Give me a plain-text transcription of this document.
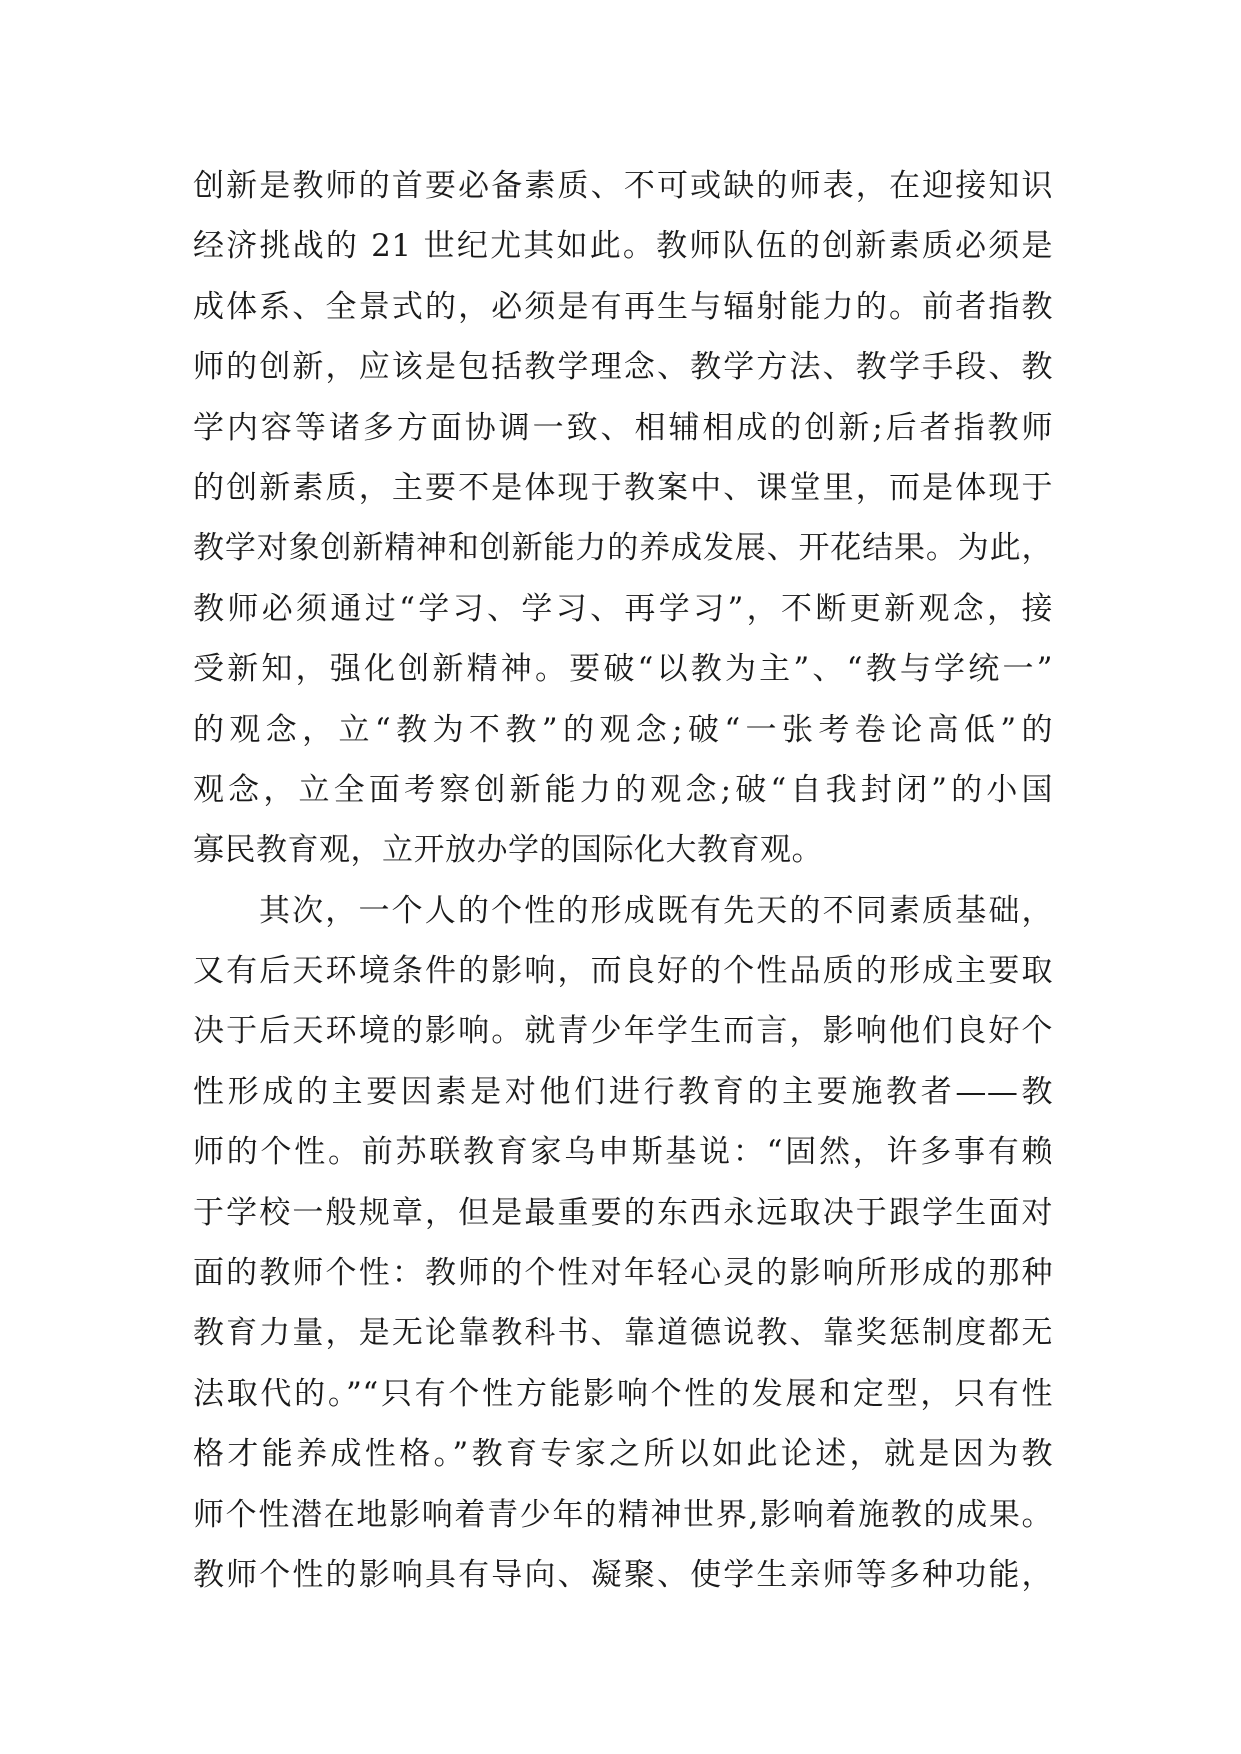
创新是教师的首要必备素质、不可或缺的师表，在迎接知识
经济挑战的 21 世纪尤其如此。教师队伍的创新素质必须是
成体系、全景式的，必须是有再生与辐射能力的。前者指教
师的创新，应该是包括教学理念、教学方法、教学手段、教
学内容等诸多方面协调一致、相辅相成的创新;后者指教师
的创新素质，主要不是体现于教案中、课堂里，而是体现于
教学对象创新精神和创新能力的养成发展、开花结果。为此，
教师必须通过“学习、学习、再学习”，不断更新观念，接
受新知，强化创新精神。要破“以教为主”、“教与学统一”
的观念，立“教为不教”的观念;破“一张考卷论高低”的
观念，立全面考察创新能力的观念;破“自我封闭”的小国
寡民教育观，立开放办学的国际化大教育观。
其次，一个人的个性的形成既有先天的不同素质基础，
又有后天环境条件的影响，而良好的个性品质的形成主要取
决于后天环境的影响。就青少年学生而言，影响他们良好个
性形成的主要因素是对他们进行教育的主要施教者——教
师的个性。前苏联教育家乌申斯基说：“固然，许多事有赖
于学校一般规章，但是最重要的东西永远取决于跟学生面对
面的教师个性：教师的个性对年轻心灵的影响所形成的那种
教育力量，是无论靠教科书、靠道德说教、靠奖惩制度都无
法取代的。”“只有个性方能影响个性的发展和定型，只有性
格才能养成性格。”教育专家之所以如此论述，就是因为教
师个性潜在地影响着青少年的精神世界,影响着施教的成果。
教师个性的影响具有导向、凝聚、使学生亲师等多种功能，
